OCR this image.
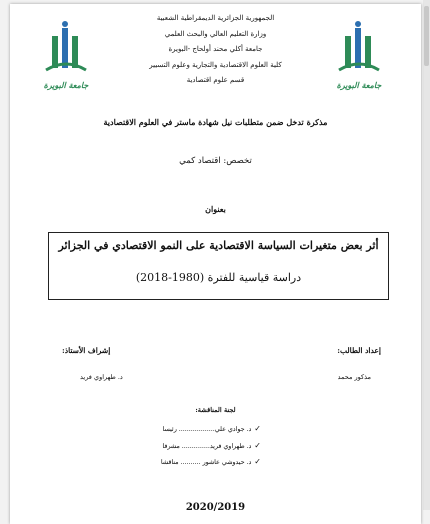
جامعة البويرة	جامعة البويرة
الجمهورية الجزائرية الديمقراطية الشعبية
وزارة التعليم العالي والبحث العلمي
جامعة أكلي محند أولحاج -البويرة
كلية العلوم الاقتصادية والتجارية وعلوم التسيير
قسم علوم اقتصادية
مذكرة تدخل ضمن متطلبات نيل شهادة ماستر في العلوم الاقتصادية
تخصص: اقتصاد كمي
بعنوان
أثر بعض متغيرات السياسة الاقتصادية على النمو الاقتصادي في الجزائر
دراسة قياسية للفترة (1980-2018)
إعداد الطالب:
مذكور محمد
إشراف الأستاذ:
د. طهراوي فريد
لجنة المناقشة:
✓د. جوادي علي.................. رئيسا
✓د. طهراوي فريد.............. مشرفا
✓د. حيدوشي عاشور .......... مناقشا
2020/2019
